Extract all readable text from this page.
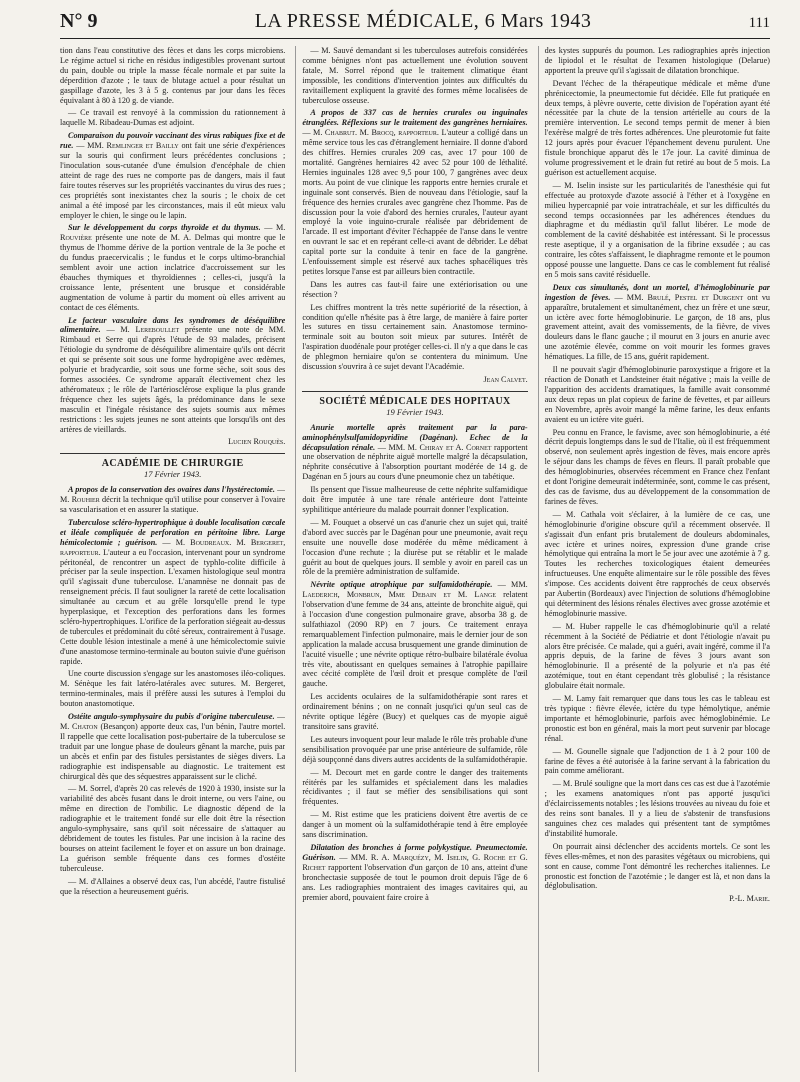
N° 9	LA PRESSE MÉDICALE, 6 Mars 1943	111

tion dans l'eau constitutive des fèces et dans les corps microbiens. Le régime actuel si riche en résidus indigestibles provenant surtout du pain, double ou triple la masse fécale normale et par suite la déperdition d'azote ; le taux de blutage actuel a pour résultat un gaspillage d'azote, les 3 à 5 g. contenus par jour dans les fèces équivalant à 80 à 120 g. de viande.

— Ce travail est renvoyé à la commission du rationnement à laquelle M. Ribadeau-Dumas est adjoint.

Comparaison du pouvoir vaccinant des virus rabiques fixe et de rue. — MM. Remlinger et Bailly ont fait une série d'expériences sur la souris qui confirment leurs précédentes conclusions ; l'inoculation sous-cutanée d'une émulsion d'encéphale de chien atteint de rage des rues ne comporte pas de dangers, mais il faut faire toutes réserves sur les propriétés vaccinantes du virus des rues ; ces propriétés sont inexistantes chez la souris ; le choix de cet animal a été imposé par les circonstances, mais il eût mieux valu employer le chien, le singe ou le lapin.

Sur le développement du corps thyroïde et du thymus. — M. Rouvière présente une note de M. A. Delmas qui montre que le thymus de l'homme dérive de la portion ventrale de la 3e poche et du fundus praecervicalis ; le fundus et le corps ultimo-branchial semblent avoir une action inclatrice d'accroissement sur les ébauches thymiques et thyroïdiennes ; celles-ci, jusqu'à la croissance lente, présentent une brusque et considérable augmentation de volume à partir du moment où elles arrivent au contact de ces éléments.

Le facteur vasculaire dans les syndromes de déséquilibre alimentaire. — M. Lereboullet présente une note de MM. Rimbaud et Serre qui d'après l'étude de 93 malades, précisent l'étiologie du syndrome de déséquilibre alimentaire qu'ils ont décrit et qui se présente soit sous une forme hydropigène avec œdèmes, polyurie et bradycardie, soit sous une forme sèche, soit sous des formes associées. Ce syndrome apparaît électivement chez les athéromateux ; le rôle de l'artériosclérose explique la plus grande fréquence chez les sujets âgés, la prédominance dans le sexe masculin et l'inégale résistance des sujets soumis aux mêmes restrictions : les sujets jeunes ne sont atteints que lorsqu'ils ont des artères de vieillards.

Lucien Rouquès.
ACADÉMIE DE CHIRURGIE
17 Février 1943.

A propos de la conservation des ovaires dans l'hystérectomie. — M. Rouhier décrit la technique qu'il utilise pour conserver à l'ovaire sa vascularisation et en assurer la statique.

Tuberculose scléro-hypertrophique à double localisation cæcale et iléale compliquée de perforation en péritoine libre. Large hémicolectomie ; guérison. — M. Boudreaux. M. Bergeret, rapporteur. L'auteur a eu l'occasion, intervenant pour un syndrome péritonéal, de rencontrer un aspect de typhlo-colite difficile à préciser par la seule inspection. L'examen histologique seul montra qu'il s'agissait d'une tuberculose. L'anamnèse ne donnait pas de renseignement précis. Il faut souligner la rareté de cette localisation simultanée au cæcum et au grêle lorsqu'elle prend le type hyperplasique, et l'exception des perforations dans les formes scléro-hypertrophiques. L'orifice de la perforation siégeait au-dessus de tubercules et prédominait du côté séreux, contrairement à l'usage. Cette double lésion intestinale a mené à une hémicolectomie suivie d'une anastomose termino-terminale au bouton suivie d'une guérison rapide.

Une courte discussion s'engage sur les anastomoses iléo-coliques. M. Sénèque les fait latéro-latérales avec sutures. M. Bergeret, termino-terminales, mais il préfère aussi les sutures à l'emploi du bouton anastomotique.

Ostéite angulo-symphysaire du pubis d'origine tuberculeuse. — M. Chaton (Besançon) apporte deux cas, l'un bénin, l'autre mortel. Il rappelle que cette localisation post-pubertaire de la tuberculose se traduit par une longue phase de douleurs gênant la marche, puis par un abcès et enfin par des fistules persistantes de sièges divers. La radiographie est indispensable au diagnostic. Le traitement est chirurgical dès que des séquestres apparaissent sur le cliché.

— M. Sorrel, d'après 20 cas relevés de 1920 à 1930, insiste sur la variabilité des abcès fusant dans le droit interne, ou vers l'aine, ou même en direction de l'ombilic. Le diagnostic dépend de la radiographie et le traitement fondé sur elle doit être la résection angulo-symphysaire, sans qu'il soit nécessaire de s'attaquer au débridement de toutes les fistules. Par une incision à la racine des bourses on atteint facilement le foyer et on assure un bon drainage. La guérison semble fréquente dans ces formes d'ostéite tuberculeuse.

— M. d'Allaines a observé deux cas, l'un abcédé, l'autre fistulisé que la résection a heureusement guéris.

— M. Sauvé demandant si les tuberculoses autrefois considérées comme bénignes n'ont pas actuellement une évolution souvent fatale, M. Sorrel répond que le traitement climatique étant impossible, les conditions d'intervention jointes aux difficultés du ravitaillement expliquent la gravité des formes même localisées de tuberculose osseuse.

A propos de 337 cas de hernies crurales ou inguinales étranglées. Réflexions sur le traitement des gangrènes herniaires. — M. Chabrut. M. Brocq, rapporteur. L'auteur a colligé dans un même service tous les cas d'étranglement herniaire. Il donne d'abord des chiffres. Hernies crurales 209 cas, avec 17 pour 100 de mortalité. Gangrènes herniaires 42 avec 52 pour 100 de léthalité. Hernies inguinales 128 avec 9,5 pour 100, 7 gangrènes avec deux morts. Au point de vue clinique les rapports entre hernies crurale et inguinale sont conservés. Bien de nouveau dans l'étiologie, sauf la fréquence des hernies crurales avec gangrène chez l'homme. Pas de discussion pour la voie d'abord des hernies crurales, l'auteur ayant employé la voie inguino-crurale réalisée par débridement de l'arcade. Il est important d'éviter l'échappée de l'anse dans le ventre en ouvrant le sac et en repérant celle-ci avant de débrider. Le débat capital porte sur la conduite à tenir en face de la gangrène. L'enfouissement simple est réservé aux taches sphacéliques très petites lorsque l'anse est par ailleurs bien contractile.

Dans les autres cas faut-il faire une extériorisation ou une résection ?

Les chiffres montrent la très nette supériorité de la résection, à condition qu'elle n'hésite pas à être large, de manière à faire porter les sutures en tissu certainement sain. Anastomose termino-terminale soit au bouton soit mieux par sutures. Intérêt de l'aspiration duodénale pour protéger celles-ci. Il n'y a que dans le cas de phlegmon herniaire qu'on se contentera du minimum. Une discussion s'ouvrira à ce sujet devant l'Académie.

Jean Calvet.
SOCIÉTÉ MÉDICALE DES HOPITAUX
19 Février 1943.

Anurie mortelle après traitement par la para-aminophénylsulfamidopyridine (Dagénan). Echec de la décapsulation rénale. — MM. M. Chiray et A. Cornet rapportent une observation de néphrite aiguë mortelle malgré la décapsulation, néphrite consécutive à l'absorption pourtant modérée de 14 g. de Dagénan en 5 jours au cours d'une pneumonie chez un tabétique.

Ils pensent que l'issue malheureuse de cette néphrite sulfamidique doit être imputée à une tare rénale antérieure dont l'atteinte syphilitique antérieure du malade pourrait donner l'explication.

— M. Fouquet a observé un cas d'anurie chez un sujet qui, traité d'abord avec succès par le Dagénan pour une pneumonie, avait reçu ensuite une nouvelle dose modérée du même médicament à l'occasion d'une rechute ; la diurèse put se rétablir et le malade guérit au bout de quelques jours. Il semble y avoir en pareil cas un rôle de la première administration de sulfamide.

Névrite optique atrophique par sulfamidothérapie. — MM. Laederich, Monbrun, Mme Debain et M. Lange relatent l'observation d'une femme de 34 ans, atteinte de bronchite aiguë, qui à l'occasion d'une congestion pulmonaire grave, absorba 38 g. de sulfathiazol (2090 RP) en 7 jours. Ce traitement enraya remarquablement l'infection pulmonaire, mais le dernier jour de son application la malade accusa brusquement une grande diminution de l'acuité visuelle ; une névrite optique rétro-bulbaire bilatérale évolua très vite, aboutissant en quelques semaines à l'atrophie papillaire avec cécité complète de l'œil droit et presque complète de l'œil gauche.

Les accidents oculaires de la sulfamidothérapie sont rares et ordinairement bénins ; on ne connaît jusqu'ici qu'un seul cas de névrite optique légère (Bucy) et quelques cas de myopie aiguë transitoire sans gravité.

Les auteurs invoquent pour leur malade le rôle très probable d'une sensibilisation provoquée par une prise antérieure de sulfamide, rôle déjà soupçonné dans divers autres accidents de la sulfamidothérapie.

— M. Decourt met en garde contre le danger des traitements réitérés par les sulfamides et spécialement dans les maladies récidivantes ; il faut se méfier des sensibilisations qui sont fréquentes.

— M. Rist estime que les praticiens doivent être avertis de ce danger à un moment où la sulfamidothérapie tend à être employée sans discrimination.

Dilatation des bronches à forme polykystique. Pneumectomie. Guérison. — MM. R. A. Marquézy, M. Iselin, G. Roche et G. Richet rapportent l'observation d'un garçon de 10 ans, atteint d'une bronchectasie supposée de tout le poumon droit depuis l'âge de 6 ans. Les radiographies montraient des images cavitaires qui, au premier abord, pouvaient faire croire à

des kystes suppurés du poumon. Les radiographies après injection de lipiodol et le résultat de l'examen histologique (Delarue) apportent la preuve qu'il s'agissait de dilatation bronchique.

Devant l'échec de la thérapeutique médicale et même d'une phrénicectomie, la pneumectomie fut décidée. Elle fut pratiquée en deux temps, à plèvre ouverte, cette division de l'opération ayant été nécessitée par la chute de la tension artérielle au cours de la première intervention. Le second temps permit de mener à bien l'exérèse malgré de très fortes adhérences. Une pleurotomie fut faite 12 jours après pour évacuer l'épanchement devenu purulent. Une fistule bronchique apparut dès le 17e jour. La cavité diminua de volume progressivement et le drain fut retiré au bout de 5 mois. La guérison est actuellement acquise.

— M. Iselin insiste sur les particularités de l'anesthésie qui fut effectuée au protoxyde d'azote associé à l'éther et à l'oxygène en milieu hypercapnié par voie intratrachéale, et sur les difficultés du second temps occasionnées par les adhérences étendues du diaphragme et du médiastin qu'il fallut libérer. Le mode de comblement de la cavité déshabitée est intéressant. Si le processus reste aseptique, il y a organisation de la fibrine exsudée ; au cas contraire, les côtes s'affaissent, le diaphragme remonte et le poumon opposé pousse une languette. Dans ce cas le comblement fut réalisé en 5 mois sans cavité résiduelle.

Deux cas simultanés, dont un mortel, d'hémoglobinurie par ingestion de fèves. — MM. Brulé, Pestel et Durgent ont vu apparaître, brutalement et simultanément, chez un frère et une sœur, un ictère avec forte hémoglobinurie. Le garçon, de 18 ans, plus gravement atteint, avait des vomissements, de la fièvre, de vives douleurs dans le flanc gauche ; il mourut en 3 jours en anurie avec une azotémie élevée, comme on voit mourir les formes graves hématiques. La fille, de 15 ans, guérit rapidement.

Il ne pouvait s'agir d'hémoglobinurie paroxystique a frigore et la réaction de Donath et Landsteiner était négative ; mais la veille de l'apparition des accidents dramatiques, la famille avait consommé aux deux repas un plat copieux de farine de fèvettes, et par ailleurs en Novembre, après avoir mangé la même farine, les deux enfants avaient eu un ictère vite guéri.

Peu connu en France, le favisme, avec son hémoglobinurie, a été décrit depuis longtemps dans le sud de l'Italie, où il est fréquemment observé, non seulement après ingestion de fèves, mais encore après le séjour dans les champs de fèves en fleurs. Il paraît probable que des hémoglobinuries, observées récemment en France chez l'enfant et dont l'origine demeurait indéterminée, sont, comme le cas présent, des cas de favisme, dus au développement de la consommation de farines de fèves.

— M. Cathala voit s'éclairer, à la lumière de ce cas, une hémoglobinurie d'origine obscure qu'il a récemment observée. Il s'agissait d'un enfant pris brutalement de douleurs abdominales, avec ictère et urines noires, expression d'une grande crise hémolytique qui entraîna la mort le 5e jour avec une azotémie à 7 g. Toutes les recherches toxicologiques étaient demeurées infructueuses. Une enquête alimentaire sur le rôle possible des fèves s'impose. Ces accidents doivent être rapprochés de ceux observés par Aubertin (Bordeaux) avec l'injection de solutions d'hémoglobine qui déterminent des lésions rénales électives avec grosse azotémie et hémoglobinurie massive.

— M. Huber rappelle le cas d'hémoglobinurie qu'il a relaté récemment à la Société de Pédiatrie et dont l'étiologie n'avait pu alors être précisée. Ce malade, qui a guéri, avait ingéré, comme il l'a appris depuis, de la farine de fèves 3 jours avant son hémoglobinurie. Il a présenté de la polyurie et n'a pas été azotémique, tout en étant cependant très globulisé ; la résistance globulaire était normale.

— M. Lamy fait remarquer que dans tous les cas le tableau est très typique : fièvre élevée, ictère du type hémolytique, anémie importante et hémoglobinurie, parfois avec hémoglobinémie. Le pronostic est bon en général, mais la mort peut survenir par blocage rénal.

— M. Gounelle signale que l'adjonction de 1 à 2 pour 100 de farine de fèves a été autorisée à la farine servant à la fabrication du pain comme améliorant.

— M. Brulé souligne que la mort dans ces cas est due à l'azotémie ; les examens anatomiques n'ont pas apporté jusqu'ici d'éclaircissements notables ; les lésions trouvées au niveau du foie et des reins sont banales. Il y a lieu de s'abstenir de transfusions sanguines chez ces malades qui présentent tant de symptômes d'instabilité humorale.

On pourrait ainsi déclencher des accidents mortels. Ce sont les fèves elles-mêmes, et non des parasites végétaux ou microbiens, qui sont en cause, comme l'ont démontré les recherches italiennes. Le pronostic est fonction de l'azotémie ; le danger est là, et non dans la déglobulisation.

P.-L. Marie.
